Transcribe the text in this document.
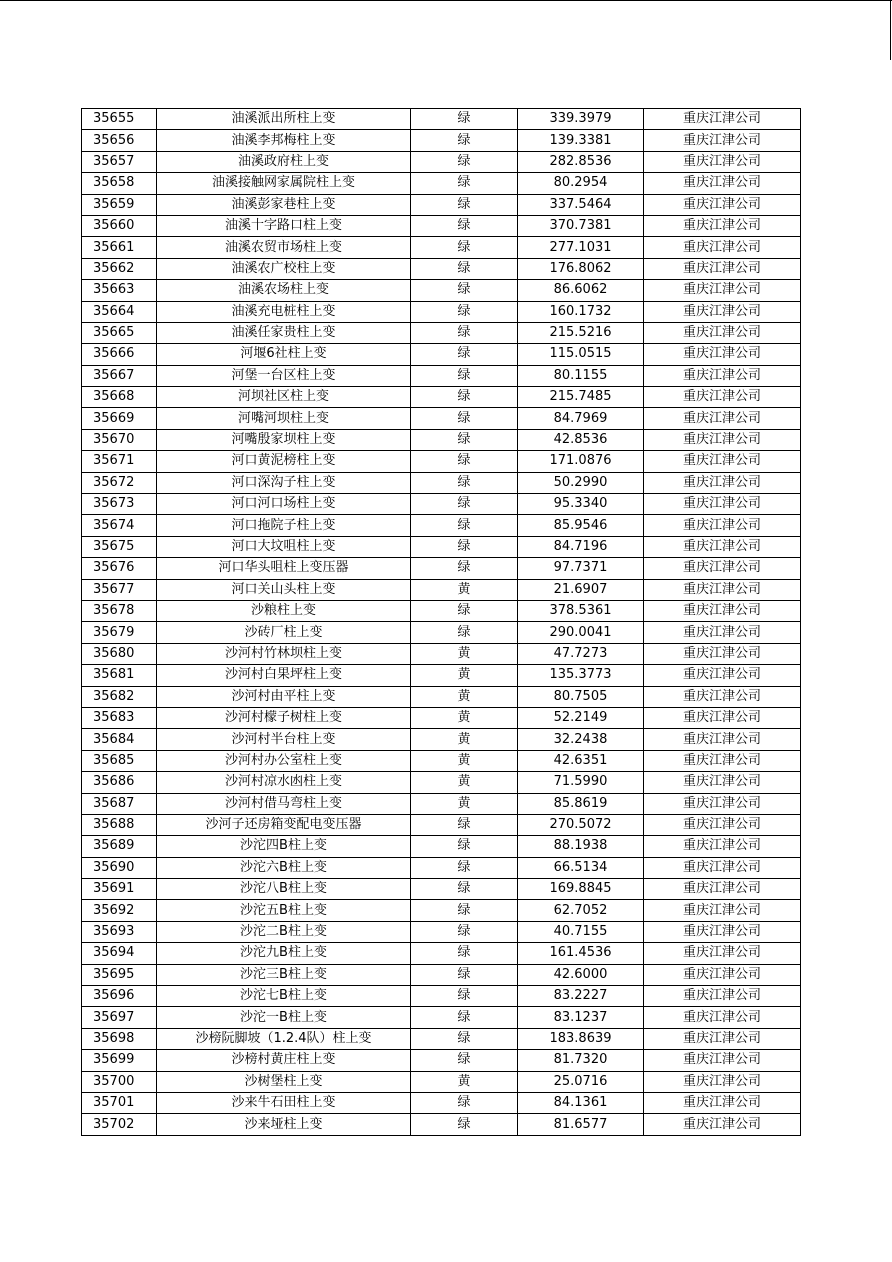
35655	油溪派出所柱上变	绿	339.3979	重庆江津公司
35656	油溪李邦梅柱上变	绿	139.3381	重庆江津公司
35657	油溪政府柱上变	绿	282.8536	重庆江津公司
35658	油溪接触网家属院柱上变	绿	80.2954	重庆江津公司
35659	油溪彭家巷柱上变	绿	337.5464	重庆江津公司
35660	油溪十字路口柱上变	绿	370.7381	重庆江津公司
35661	油溪农贸市场柱上变	绿	277.1031	重庆江津公司
35662	油溪农广校柱上变	绿	176.8062	重庆江津公司
35663	油溪农场柱上变	绿	86.6062	重庆江津公司
35664	油溪充电桩柱上变	绿	160.1732	重庆江津公司
35665	油溪任家贵柱上变	绿	215.5216	重庆江津公司
35666	河堰6社柱上变	绿	115.0515	重庆江津公司
35667	河堡一台区柱上变	绿	80.1155	重庆江津公司
35668	河坝社区柱上变	绿	215.7485	重庆江津公司
35669	河嘴河坝柱上变	绿	84.7969	重庆江津公司
35670	河嘴殷家坝柱上变	绿	42.8536	重庆江津公司
35671	河口黄泥榜柱上变	绿	171.0876	重庆江津公司
35672	河口深沟子柱上变	绿	50.2990	重庆江津公司
35673	河口河口场柱上变	绿	95.3340	重庆江津公司
35674	河口拖院子柱上变	绿	85.9546	重庆江津公司
35675	河口大坟咀柱上变	绿	84.7196	重庆江津公司
35676	河口华头咀柱上变压器	绿	97.7371	重庆江津公司
35677	河口关山头柱上变	黄	21.6907	重庆江津公司
35678	沙粮柱上变	绿	378.5361	重庆江津公司
35679	沙砖厂柱上变	绿	290.0041	重庆江津公司
35680	沙河村竹林坝柱上变	黄	47.7273	重庆江津公司
35681	沙河村白果坪柱上变	黄	135.3773	重庆江津公司
35682	沙河村由平柱上变	黄	80.7505	重庆江津公司
35683	沙河村檬子树柱上变	黄	52.2149	重庆江津公司
35684	沙河村半台柱上变	黄	32.2438	重庆江津公司
35685	沙河村办公室柱上变	黄	42.6351	重庆江津公司
35686	沙河村凉水凼柱上变	黄	71.5990	重庆江津公司
35687	沙河村借马弯柱上变	黄	85.8619	重庆江津公司
35688	沙河子还房箱变配电变压器	绿	270.5072	重庆江津公司
35689	沙沱四B柱上变	绿	88.1938	重庆江津公司
35690	沙沱六B柱上变	绿	66.5134	重庆江津公司
35691	沙沱八B柱上变	绿	169.8845	重庆江津公司
35692	沙沱五B柱上变	绿	62.7052	重庆江津公司
35693	沙沱二B柱上变	绿	40.7155	重庆江津公司
35694	沙沱九B柱上变	绿	161.4536	重庆江津公司
35695	沙沱三B柱上变	绿	42.6000	重庆江津公司
35696	沙沱七B柱上变	绿	83.2227	重庆江津公司
35697	沙沱一B柱上变	绿	83.1237	重庆江津公司
35698	沙榜阮脚坡（1.2.4队）柱上变	绿	183.8639	重庆江津公司
35699	沙榜村黄庄柱上变	绿	81.7320	重庆江津公司
35700	沙树堡柱上变	黄	25.0716	重庆江津公司
35701	沙来牛石田柱上变	绿	84.1361	重庆江津公司
35702	沙来垭柱上变	绿	81.6577	重庆江津公司
